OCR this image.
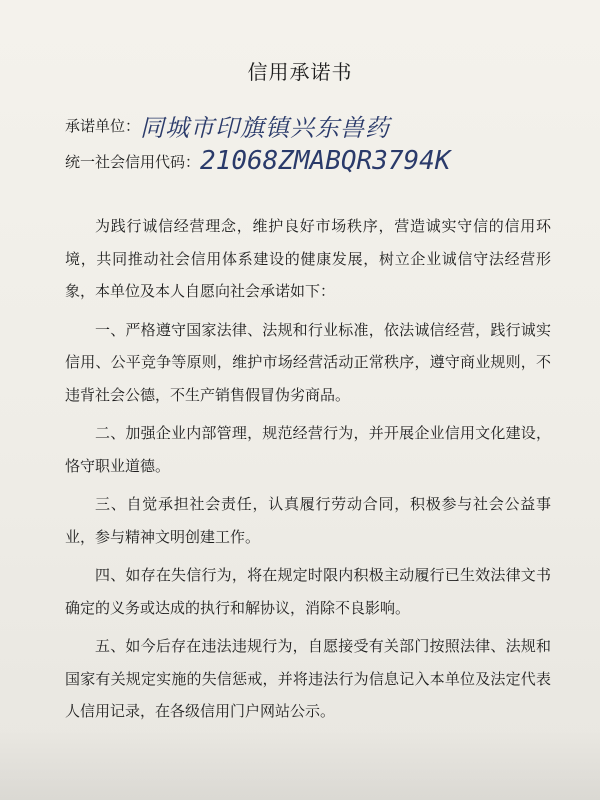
信用承诺书
承诺单位：同城市印旗镇兴东兽药
统一社会信用代码：21068ZMABQR3794K

为践行诚信经营理念，维护良好市场秩序，营造诚实守信的信用环境，共同推动社会信用体系建设的健康发展，树立企业诚信守法经营形象，本单位及本人自愿向社会承诺如下：

一、严格遵守国家法律、法规和行业标准，依法诚信经营，践行诚实信用、公平竞争等原则，维护市场经营活动正常秩序，遵守商业规则，不违背社会公德，不生产销售假冒伪劣商品。

二、加强企业内部管理，规范经营行为，并开展企业信用文化建设，恪守职业道德。

三、自觉承担社会责任，认真履行劳动合同，积极参与社会公益事业，参与精神文明创建工作。

四、如存在失信行为，将在规定时限内积极主动履行已生效法律文书确定的义务或达成的执行和解协议，消除不良影响。

五、如今后存在违法违规行为，自愿接受有关部门按照法律、法规和国家有关规定实施的失信惩戒，并将违法行为信息记入本单位及法定代表人信用记录，在各级信用门户网站公示。
